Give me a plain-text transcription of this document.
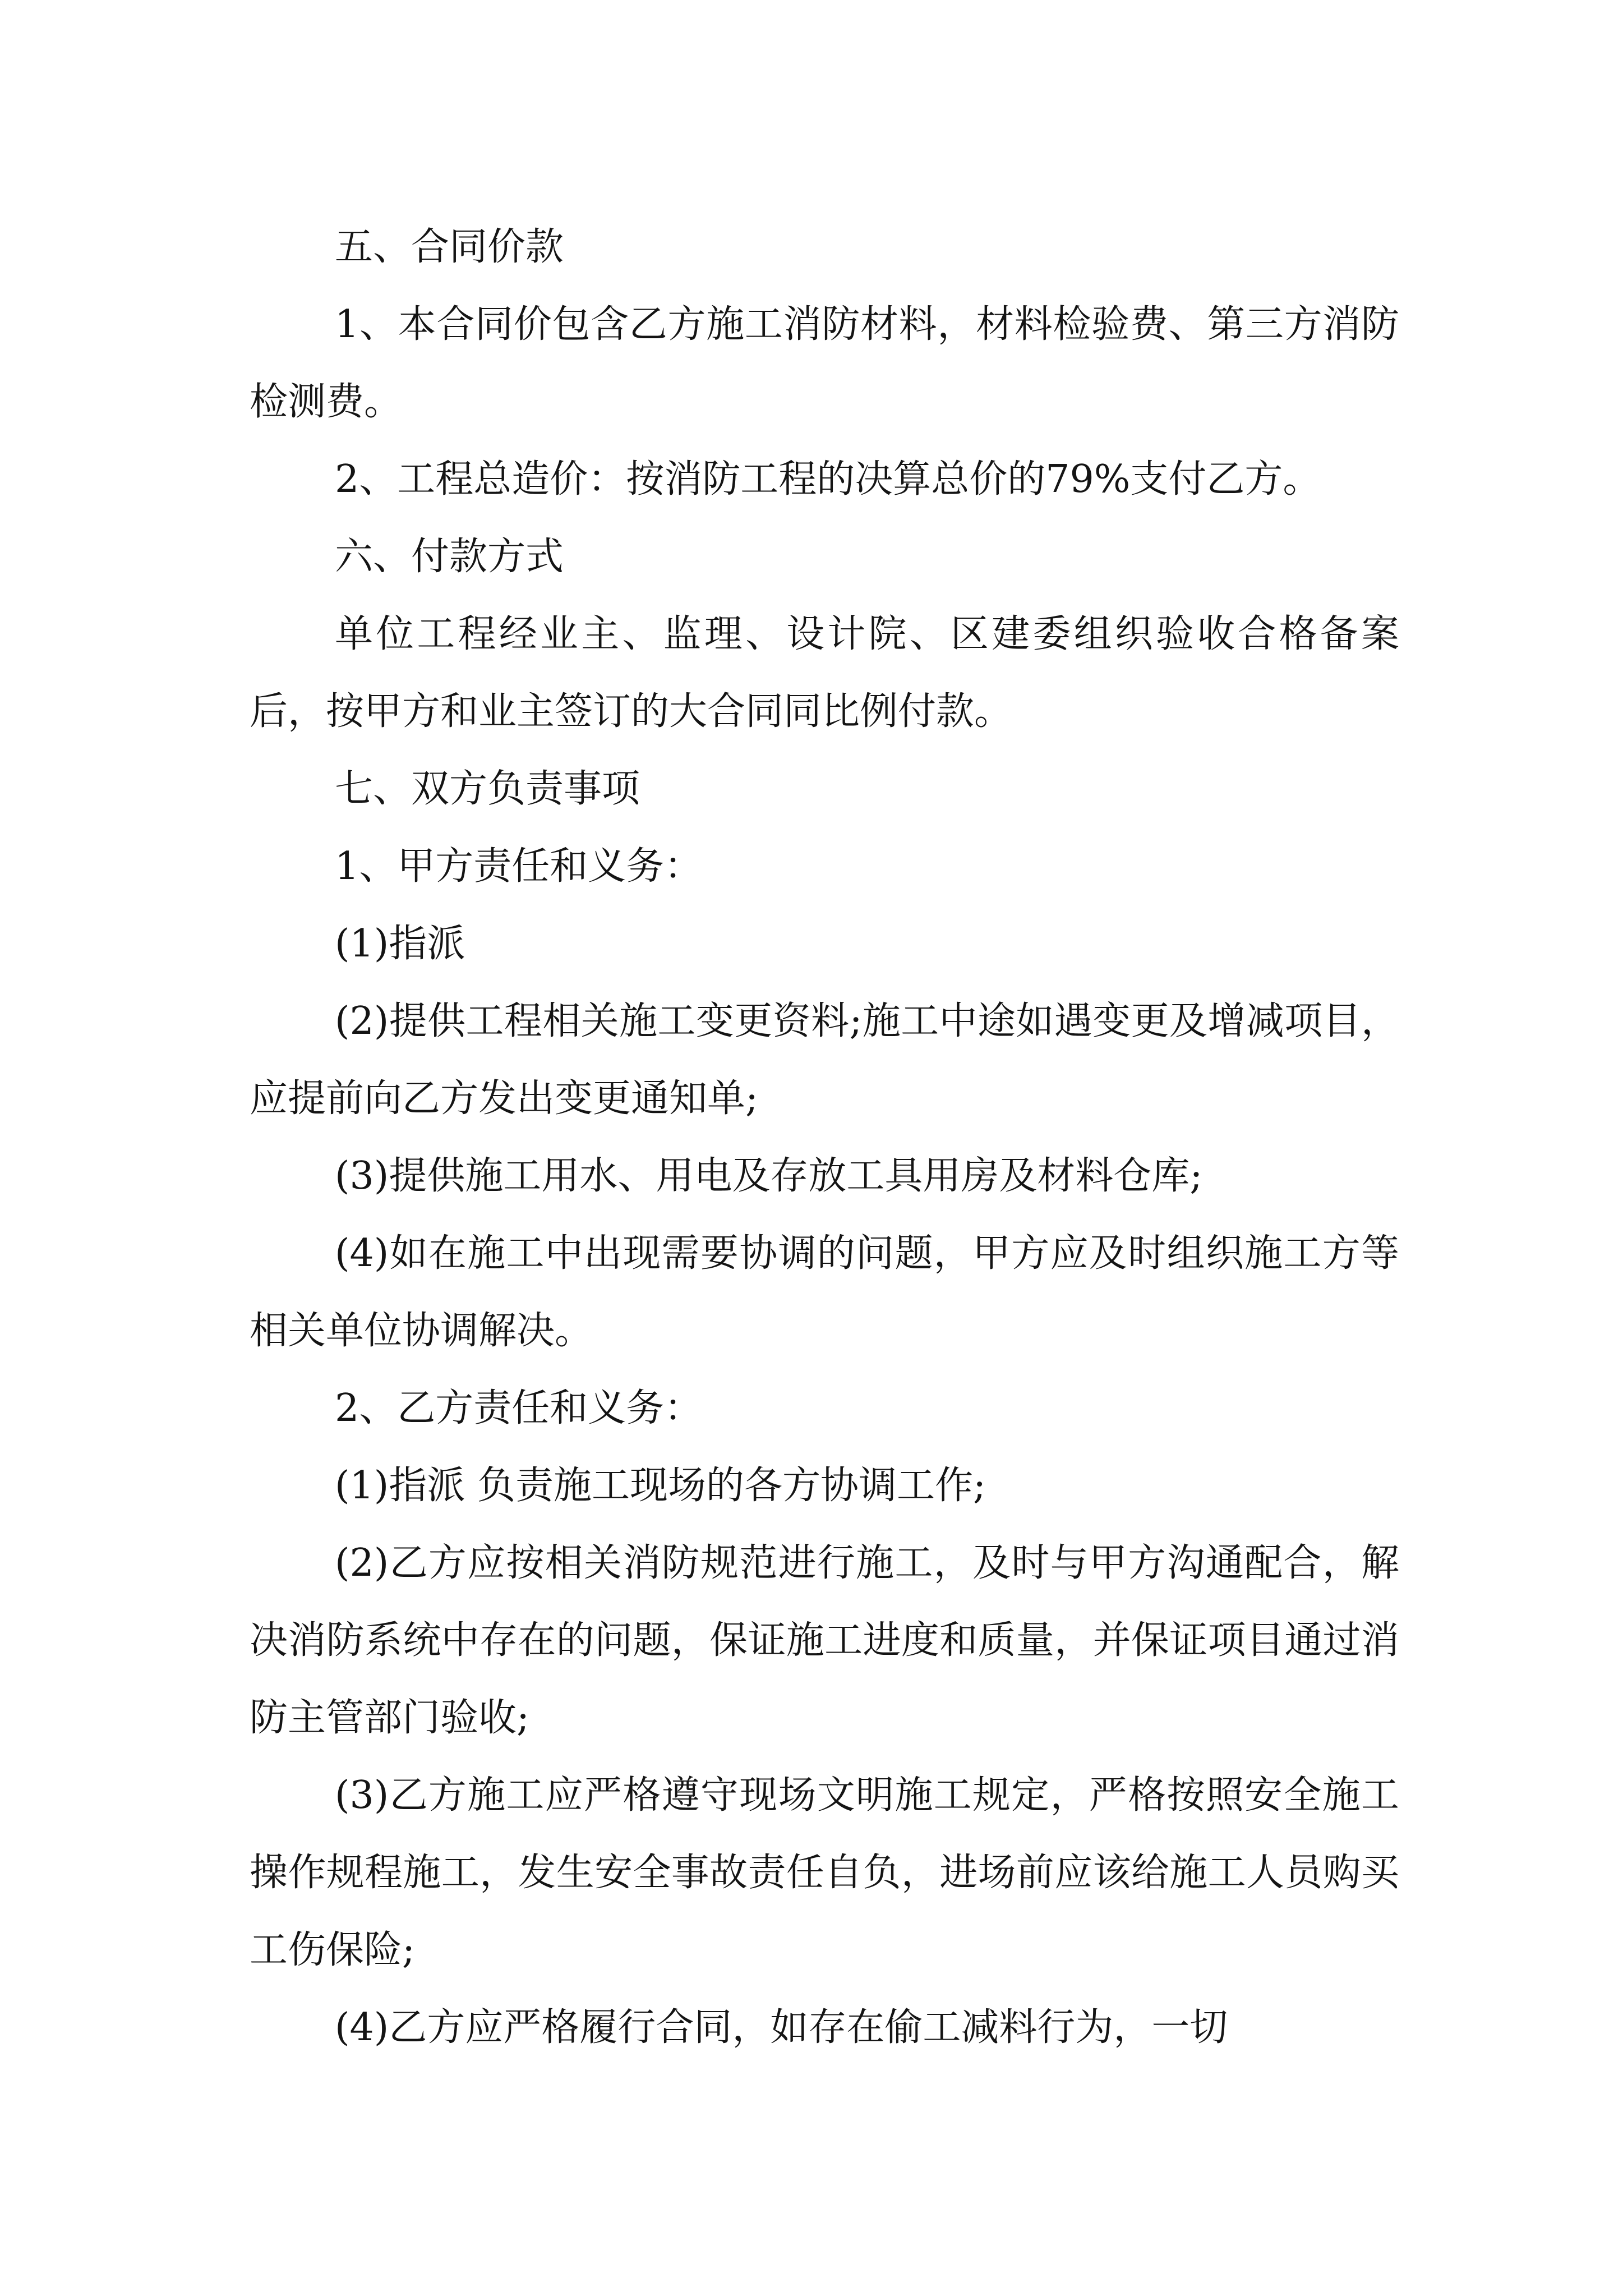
五、合同价款

1、本合同价包含乙方施工消防材料，材料检验费、第三方消防检测费。

2、工程总造价：按消防工程的决算总价的79%支付乙方。

六、付款方式

单位工程经业主、监理、设计院、区建委组织验收合格备案后，按甲方和业主签订的大合同同比例付款。

七、双方负责事项

1、甲方责任和义务：

(1)指派

(2)提供工程相关施工变更资料;施工中途如遇变更及增减项目，应提前向乙方发出变更通知单;

(3)提供施工用水、用电及存放工具用房及材料仓库;

(4)如在施工中出现需要协调的问题，甲方应及时组织施工方等相关单位协调解决。

2、乙方责任和义务：

(1)指派 负责施工现场的各方协调工作;

(2)乙方应按相关消防规范进行施工，及时与甲方沟通配合，解决消防系统中存在的问题，保证施工进度和质量，并保证项目通过消防主管部门验收;

(3)乙方施工应严格遵守现场文明施工规定，严格按照安全施工操作规程施工，发生安全事故责任自负，进场前应该给施工人员购买工伤保险;

(4)乙方应严格履行合同，如存在偷工减料行为，一切
